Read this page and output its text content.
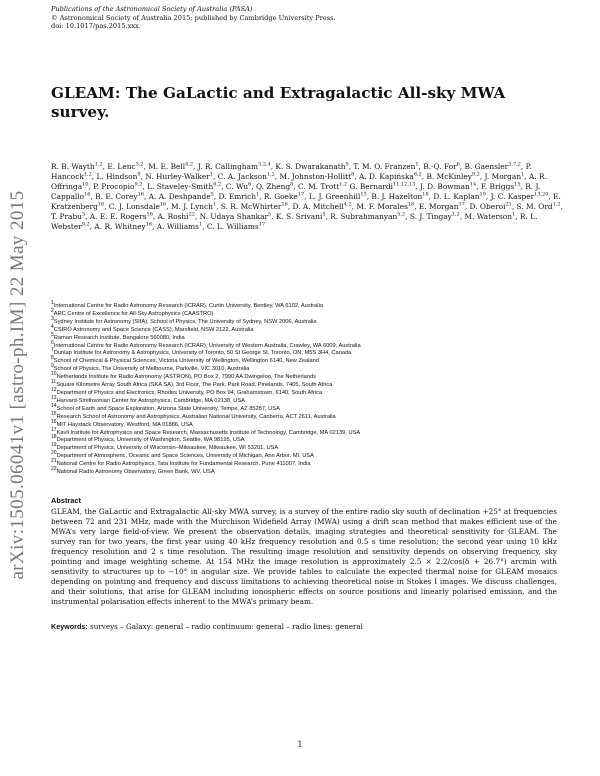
Publications of the Astronomical Society of Australia (PASA)
© Astronomical Society of Australia 2015; published by Cambridge University Press.
doi: 10.1017/pas.2015.xxx.
arXiv:1505.06041v1 [astro-ph.IM] 22 May 2015
GLEAM: The GaLactic and Extragalactic All-sky MWA survey.

R. B. Wayth$^{1,2}$, E. Lenc$^{3,2}$, M. E. Bell$^{4,2}$, J. R. Callingham$^{3,2,4}$, K. S. Dwarakanath$^5$, T. M. O. Franzen$^1$, B.-Q. For$^6$, B. Gaensler$^{3,7,2}$, P. Hancock$^{1,2}$, L. Hindson$^8$, N. Hurley-Walker$^1$, C. A. Jackson$^{1,2}$, M. Johnston-Hollitt$^8$, A. D. Kapińska$^{6,2}$, B. McKinley$^{9,2}$, J. Morgan$^1$, A. R. Offringa$^{10}$, P. Procopio$^{9,2}$, L. Staveley-Smith$^{6,2}$, C. Wu$^6$, Q. Zheng$^8$, C. M. Trott$^{1,2}$ G. Bernardi$^{11,12,13}$, J. D. Bowman$^{14}$, F. Briggs$^{15}$, R. J. Cappallo$^{16}$, B. E. Corey$^{16}$, A. A. Deshpande$^5$, D. Emrich$^1$, R. Goeke$^{17}$, L. J. Greenhill$^{13}$, B. J. Hazelton$^{18}$, D. L. Kaplan$^{19}$, J. C. Kasper$^{13,20}$, E. Kratzenberg$^{16}$, C. J. Lonsdale$^{16}$, M. J. Lynch$^1$, S. R. McWhirter$^{16}$, D. A. Mitchell$^{4,2}$, M. F. Morales$^{18}$, E. Morgan$^{17}$, D. Oberoi$^{21}$, S. M. Ord$^{1,2}$, T. Prabu$^5$, A. E. E. Rogers$^{16}$, A. Roshi$^{22}$, N. Udaya Shankar$^5$, K. S. Srivani$^5$, R. Subrahmanyan$^{5,2}$, S. J. Tingay$^{1,2}$, M. Waterson$^1$, R. L. Webster$^{9,2}$, A. R. Whitney$^{16}$, A. Williams$^1$, C. L. Williams$^{17}$

$^1$International Centre for Radio Astronomy Research (ICRAR), Curtin University, Bentley, WA 6102, Australia
$^2$ARC Centre of Excellence for All-Sky Astrophysics (CAASTRO)
$^3$Sydney Institute for Astronomy (SIfA), School of Physics, The University of Sydney, NSW 2006, Australia
$^4$CSIRO Astronomy and Space Science (CASS), Marsfield, NSW 2122, Australia
$^5$Raman Research Institute, Bangalore 560080, India
$^6$International Centre for Radio Astronomy Research (ICRAR), University of Western Australia, Crawley, WA 6009, Australia
$^7$Dunlap Institute for Astronomy & Astrophysics, University of Toronto, 50 St George St, Toronto, ON, M5S 3H4, Canada
$^8$School of Chemical & Physical Sciences, Victoria University of Wellington, Wellington 6140, New Zealand
$^9$School of Physics, The University of Melbourne, Parkville, VIC 3010, Australia
$^{10}$Netherlands Institute for Radio Astronomy (ASTRON), PO Box 2, 7990 AA Dwingeloo, The Netherlands
$^{11}$Square Kilometre Array South Africa (SKA SA), 3rd Floor, The Park, Park Road, Pinelands, 7405, South Africa
$^{12}$Department of Physics and Electronics, Rhodes University, PO Box 94, Grahamstown, 6140, South Africa
$^{13}$Harvard-Smithsonian Center for Astrophysics, Cambridge, MA 02138, USA
$^{14}$School of Earth and Space Exploration, Arizona State University, Tempe, AZ 85287, USA
$^{15}$Research School of Astronomy and Astrophysics, Australian National University, Canberra, ACT 2611, Australia
$^{16}$MIT Haystack Observatory, Westford, MA 01886, USA
$^{17}$Kavli Institute for Astrophysics and Space Research, Massachusetts Institute of Technology, Cambridge, MA 02139, USA
$^{18}$Department of Physics, University of Washington, Seattle, WA 98195, USA
$^{19}$Department of Physics, University of Wisconsin–Milwaukee, Milwaukee, WI 53201, USA
$^{20}$Department of Atmospheric, Oceanic and Space Sciences, University of Michigan, Ann Arbor, MI, USA
$^{21}$National Centre for Radio Astrophysics, Tata Institute for Fundamental Research, Pune 411007, India
$^{22}$National Radio Astronomy Observatory, Green Bank, WV, USA
Abstract

GLEAM, the GaLactic and Extragalactic All-sky MWA survey, is a survey of the entire radio sky south of declination +25° at frequencies between 72 and 231 MHz, made with the Murchison Widefield Array (MWA) using a drift scan method that makes efficient use of the MWA’s very large field-of-view. We present the observation details, imaging strategies and theoretical sensitivity for GLEAM. The survey ran for two years, the first year using 40 kHz frequency resolution and 0.5 s time resolution; the second year using 10 kHz frequency resolution and 2 s time resolution. The resulting image resolution and sensitivity depends on observing frequency, sky pointing and image weighting scheme. At 154 MHz the image resolution is approximately 2.5 × 2.2/cos(δ + 26.7°) arcmin with sensitivity to structures up to ∼10° in angular size. We provide tables to calculate the expected thermal noise for GLEAM mosaics depending on pointing and frequency and discuss limitations to achieving theoretical noise in Stokes I images. We discuss challenges, and their solutions, that arise for GLEAM including ionospheric effects on source positions and linearly polarised emission, and the instrumental polarisation effects inherent to the MWA’s primary beam.

Keywords: surveys – Galaxy: general – radio continuum: general – radio lines: general

1
